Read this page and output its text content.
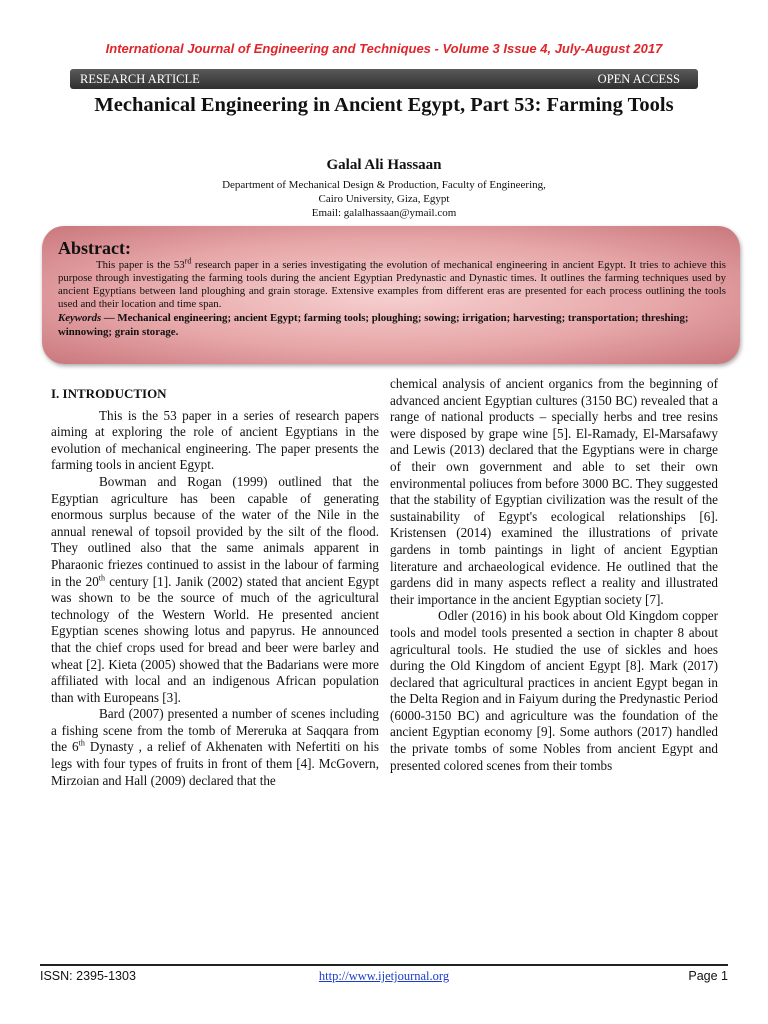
International Journal of Engineering and Techniques - Volume 3 Issue 4, July-August 2017
RESEARCH ARTICLE	OPEN ACCESS
Mechanical Engineering in Ancient Egypt, Part 53: Farming Tools
Galal Ali Hassaan
Department of Mechanical Design & Production, Faculty of Engineering,
Cairo University, Giza, Egypt
Email: galalhassaan@ymail.com
Abstract:
This paper is the 53rd research paper in a series investigating the evolution of mechanical engineering in ancient Egypt. It tries to achieve this purpose through investigating the farming tools during the ancient Egyptian Predynastic and Dynastic times. It outlines the farming techniques used by ancient Egyptians between land ploughing and grain storage. Extensive examples from different eras are presented for each process outlining the tools used and their location and time span.
Keywords — Mechanical engineering; ancient Egypt; farming tools; ploughing; sowing; irrigation; harvesting; transportation; threshing; winnowing; grain storage.
I. INTRODUCTION

This is the 53 paper in a series of research papers aiming at exploring the role of ancient Egyptians in the evolution of mechanical engineering. The paper presents the farming tools in ancient Egypt.

Bowman and Rogan (1999) outlined that the Egyptian agriculture has been capable of generating enormous surplus because of the water of the Nile in the annual renewal of topsoil provided by the silt of the flood. They outlined also that the same animals apparent in Pharaonic friezes continued to assist in the labour of farming in the 20th century [1]. Janik (2002) stated that ancient Egypt was shown to be the source of much of the agricultural technology of the Western World. He presented ancient Egyptian scenes showing lotus and papyrus. He announced that the chief crops used for bread and beer were barley and wheat [2]. Kieta (2005) showed that the Badarians were more affiliated with local and an indigenous African population than with Europeans [3].

Bard (2007) presented a number of scenes including a fishing scene from the tomb of Mereruka at Saqqara from the 6th Dynasty , a relief of Akhenaten with Nefertiti on his legs with four types of fruits in front of them [4]. McGovern, Mirzoian and Hall (2009) declared that the

chemical analysis of ancient organics from the beginning of advanced ancient Egyptian cultures (3150 BC) revealed that a range of national products – specially herbs and tree resins were disposed by grape wine [5]. El-Ramady, El-Marsafawy and Lewis (2013) declared that the Egyptians were in charge of their own government and able to set their own environmental poliuces from before 3000 BC. They suggested that the stability of Egyptian civilization was the result of the sustainability of Egypt's ecological relationships [6]. Kristensen (2014) examined the illustrations of private gardens in tomb paintings in light of ancient Egyptian literature and archaeological evidence. He outlined that the gardens did in many aspects reflect a reality and illustrated their importance in the ancient Egyptian society [7].

Odler (2016) in his book about Old Kingdom copper tools and model tools presented a section in chapter 8 about agricultural tools. He studied the use of sickles and hoes during the Old Kingdom of ancient Egypt [8]. Mark (2017) declared that agricultural practices in ancient Egypt began in the Delta Region and in Faiyum during the Predynastic Period (6000-3150 BC) and agriculture was the foundation of the ancient Egyptian economy [9]. Some authors (2017) handled the private tombs of some Nobles from ancient Egypt and presented colored scenes from their tombs

ISSN: 2395-1303	http://www.ijetjournal.org	Page 1
